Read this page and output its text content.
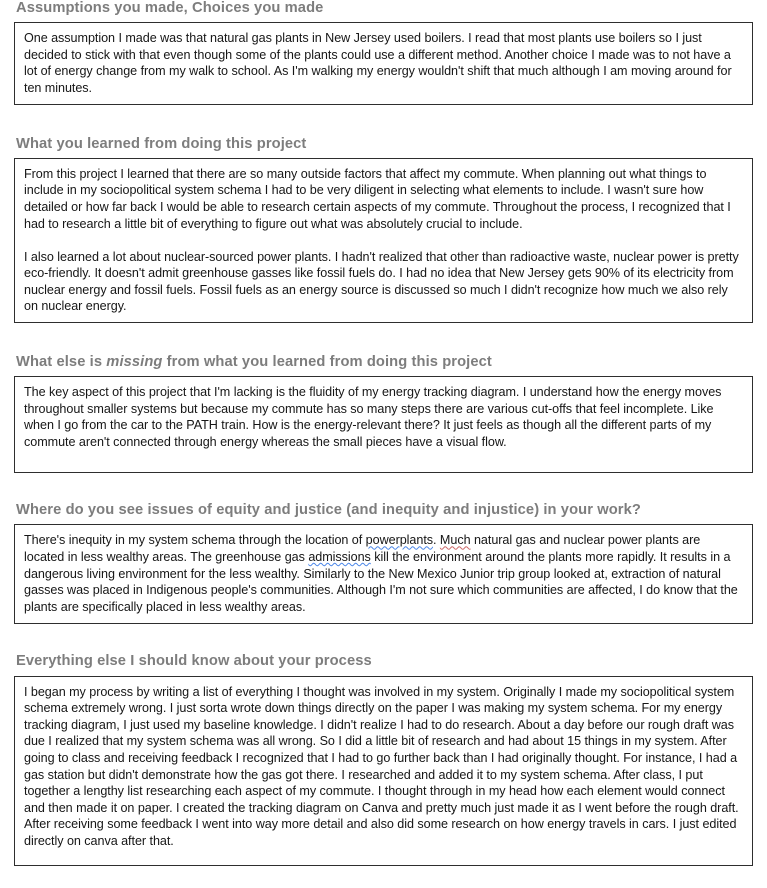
Assumptions you made, Choices you made

One assumption I made was that natural gas plants in New Jersey used boilers. I read that most plants use boilers so I just decided to stick with that even though some of the plants could use a different method. Another choice I made was to not have a lot of energy change from my walk to school. As I'm walking my energy wouldn't shift that much although I am moving around for ten minutes.

What you learned from doing this project

From this project I learned that there are so many outside factors that affect my commute. When planning out what things to include in my sociopolitical system schema I had to be very diligent in selecting what elements to include. I wasn't sure how detailed or how far back I would be able to research certain aspects of my commute. Throughout the process, I recognized that I had to research a little bit of everything to figure out what was absolutely crucial to include.

I also learned a lot about nuclear-sourced power plants. I hadn't realized that other than radioactive waste, nuclear power is pretty eco-friendly. It doesn't admit greenhouse gasses like fossil fuels do. I had no idea that New Jersey gets 90% of its electricity from nuclear energy and fossil fuels. Fossil fuels as an energy source is discussed so much I didn't recognize how much we also rely on nuclear energy.

What else is missing from what you learned from doing this project

The key aspect of this project that I'm lacking is the fluidity of my energy tracking diagram. I understand how the energy moves throughout smaller systems but because my commute has so many steps there are various cut-offs that feel incomplete. Like when I go from the car to the PATH train. How is the energy-relevant there? It just feels as though all the different parts of my commute aren't connected through energy whereas the small pieces have a visual flow.

Where do you see issues of equity and justice (and inequity and injustice) in your work?

There's inequity in my system schema through the location of powerplants. Much natural gas and nuclear power plants are located in less wealthy areas. The greenhouse gas admissions kill the environment around the plants more rapidly. It results in a dangerous living environment for the less wealthy. Similarly to the New Mexico Junior trip group looked at, extraction of natural gasses was placed in Indigenous people's communities. Although I'm not sure which communities are affected, I do know that the plants are specifically placed in less wealthy areas.

Everything else I should know about your process

I began my process by writing a list of everything I thought was involved in my system. Originally I made my sociopolitical system schema extremely wrong. I just sorta wrote down things directly on the paper I was making my system schema. For my energy tracking diagram, I just used my baseline knowledge. I didn't realize I had to do research. About a day before our rough draft was due I realized that my system schema was all wrong. So I did a little bit of research and had about 15 things in my system. After going to class and receiving feedback I recognized that I had to go further back than I had originally thought. For instance, I had a gas station but didn't demonstrate how the gas got there. I researched and added it to my system schema. After class, I put together a lengthy list researching each aspect of my commute. I thought through in my head how each element would connect and then made it on paper. I created the tracking diagram on Canva and pretty much just made it as I went before the rough draft. After receiving some feedback I went into way more detail and also did some research on how energy travels in cars. I just edited directly on canva after that.
